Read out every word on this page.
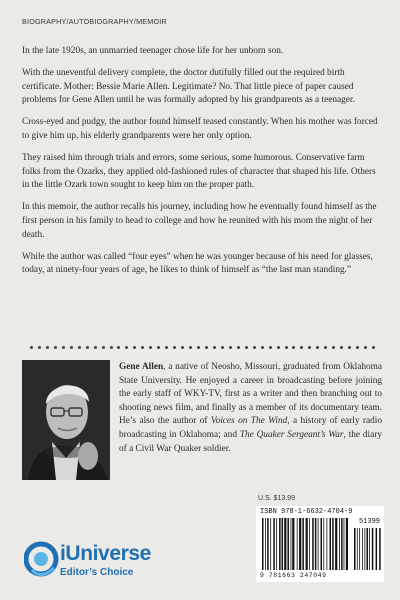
BIOGRAPHY/AUTOBIOGRAPHY/MEMOIR

In the late 1920s, an unmarried teenager chose life for her unborn son.

With the uneventful delivery complete, the doctor dutifully filled out the required birth certificate. Mother: Bessie Marie Allen. Legitimate? No. That little piece of paper caused problems for Gene Allen until he was formally adopted by his grandparents as a teenager.

Cross-eyed and pudgy, the author found himself teased constantly. When his mother was forced to give him up, his elderly grandparents were her only option.

They raised him through trials and errors, some serious, some humorous. Conservative farm folks from the Ozarks, they applied old-fashioned rules of character that shaped his life. Others in the little Ozark town sought to keep him on the proper path.

In this memoir, the author recalls his journey, including how he eventually found himself as the first person in his family to head to college and how he reunited with his mom the night of her death.

While the author was called “four eyes” when he was younger because of his need for glasses, today, at ninety-four years of age, he likes to think of himself as “the last man standing.”

Gene Allen, a native of Neosho, Missouri, graduated from Oklahoma State University. He enjoyed a career in broadcasting before joining the early staff of WKY-TV, first as a writer and then branching out to shooting news film, and finally as a member of its documentary team. He’s also the author of Voices on The Wind, a history of early radio broadcasting in Oklahoma; and The Quaker Sergeant’s War, the diary of a Civil War Quaker soldier.

U.S. $13.99
ISBN 978-1-6632-4704-9
51399
9 781663 247049
iUniverse
Editor’s Choice
